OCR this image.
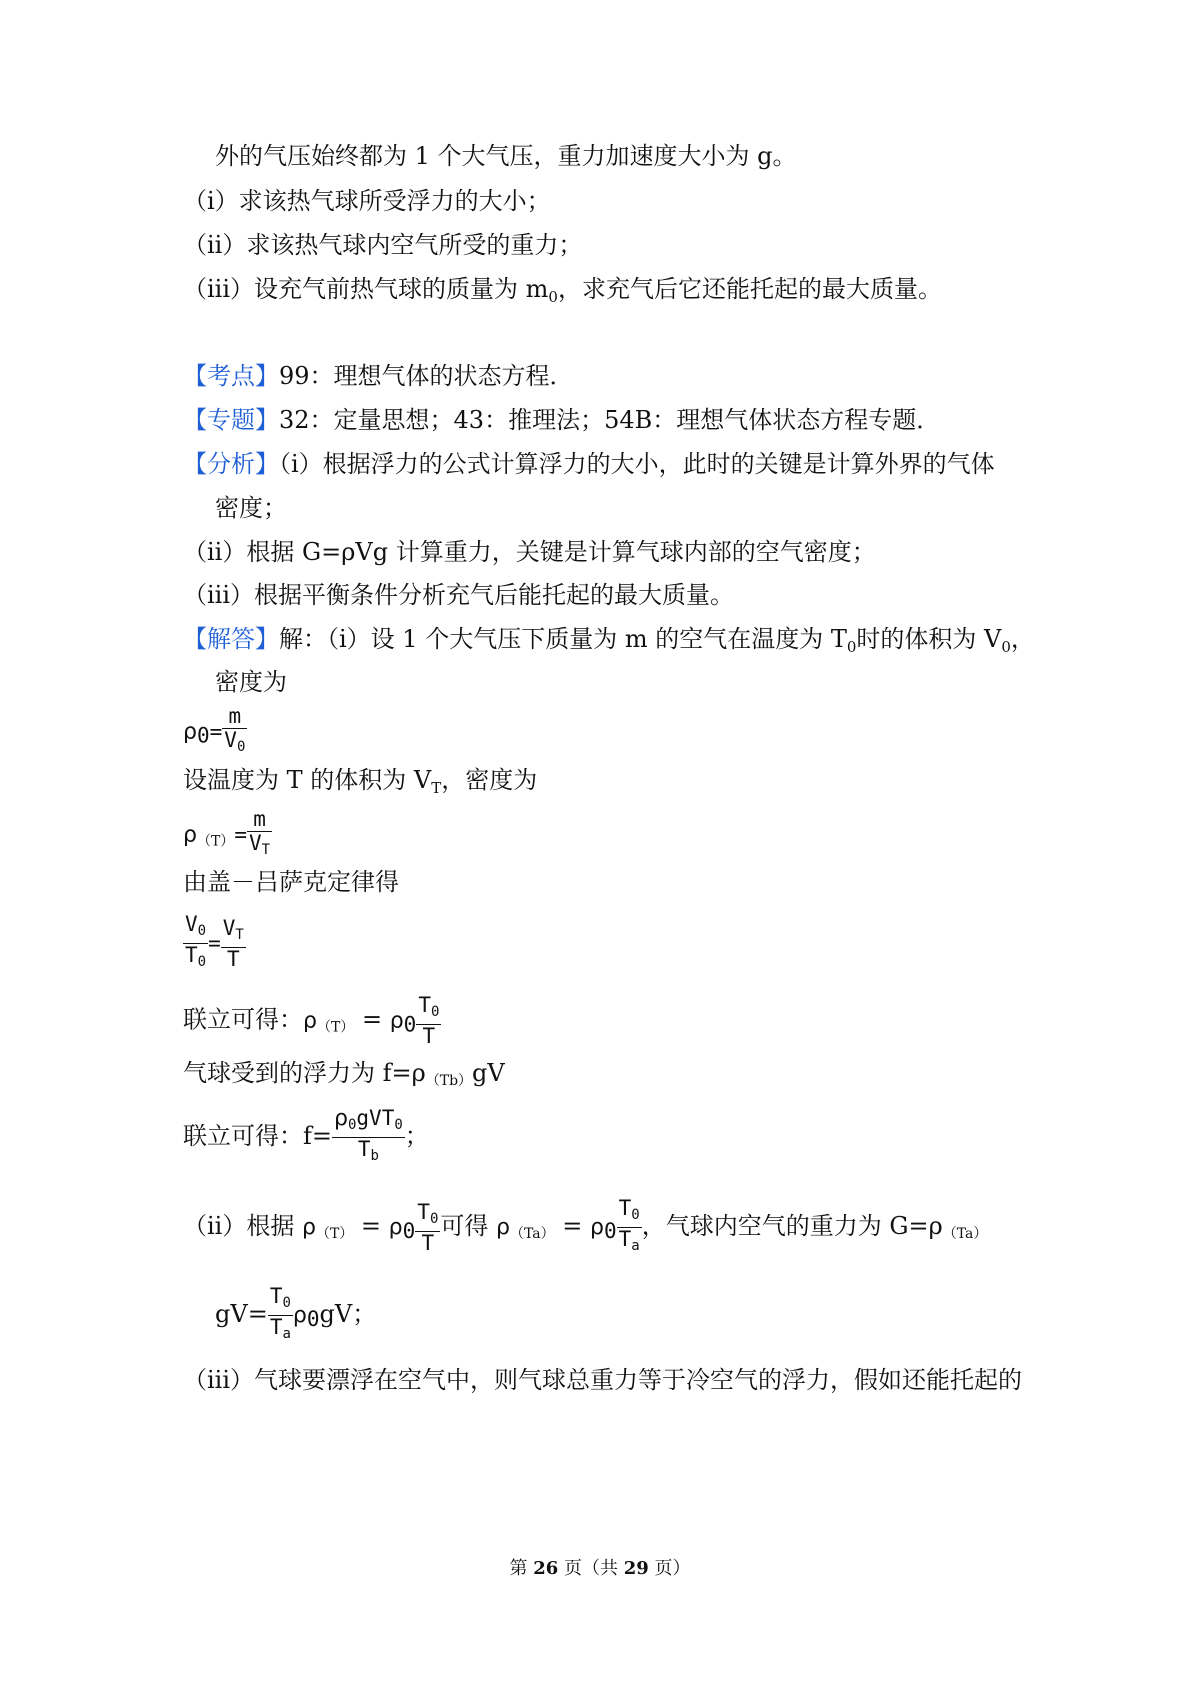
外的气压始终都为 1 个大气压，重力加速度大小为 g。
（i）求该热气球所受浮力的大小；
（ii）求该热气球内空气所受的重力；
（iii）设充气前热气球的质量为 $m_0$，求充气后它还能托起的最大质量。
【考点】99：理想气体的状态方程．
【专题】32：定量思想；43：推理法；54B：理想气体状态方程专题．
【分析】（i）根据浮力的公式计算浮力的大小，此时的关键是计算外界的气体
密度；
（ii）根据 G=ρVg 计算重力，关键是计算气球内部的空气密度；
（iii）根据平衡条件分析充气后能托起的最大质量。
【解答】解：（i）设 1 个大气压下质量为 m 的空气在温度为 $T_0$时的体积为 $V_0$，
密度为
$\rho 0= \frac{m}{V0}$
设温度为 T 的体积为 $V_T$，密度为
$\rho(T)= \frac{m}{VT}$
由盖－吕萨克定律得
$\frac{V0}{T0} = \frac{VT}{T}$
联立可得：$\rho(T) = \rho 0 \frac{T0}{T}$
气球受到的浮力为 f=ρ（Tb）gV
联立可得：$f= \frac{\text{ρ0gVT0}}{Tb}$ ；
（ii）根据 $\rho(T) = \rho 0 \frac{T0}{T}$ 可得 $\rho(Ta) = \rho 0 \frac{T0}{Ta}$ ，气球内空气的重力为 G=ρ（Ta）
$gV= \frac{T0}{Ta} \rho 0gV$；
（iii）气球要漂浮在空气中，则气球总重力等于冷空气的浮力，假如还能托起的
第 26 页（共 29 页）
